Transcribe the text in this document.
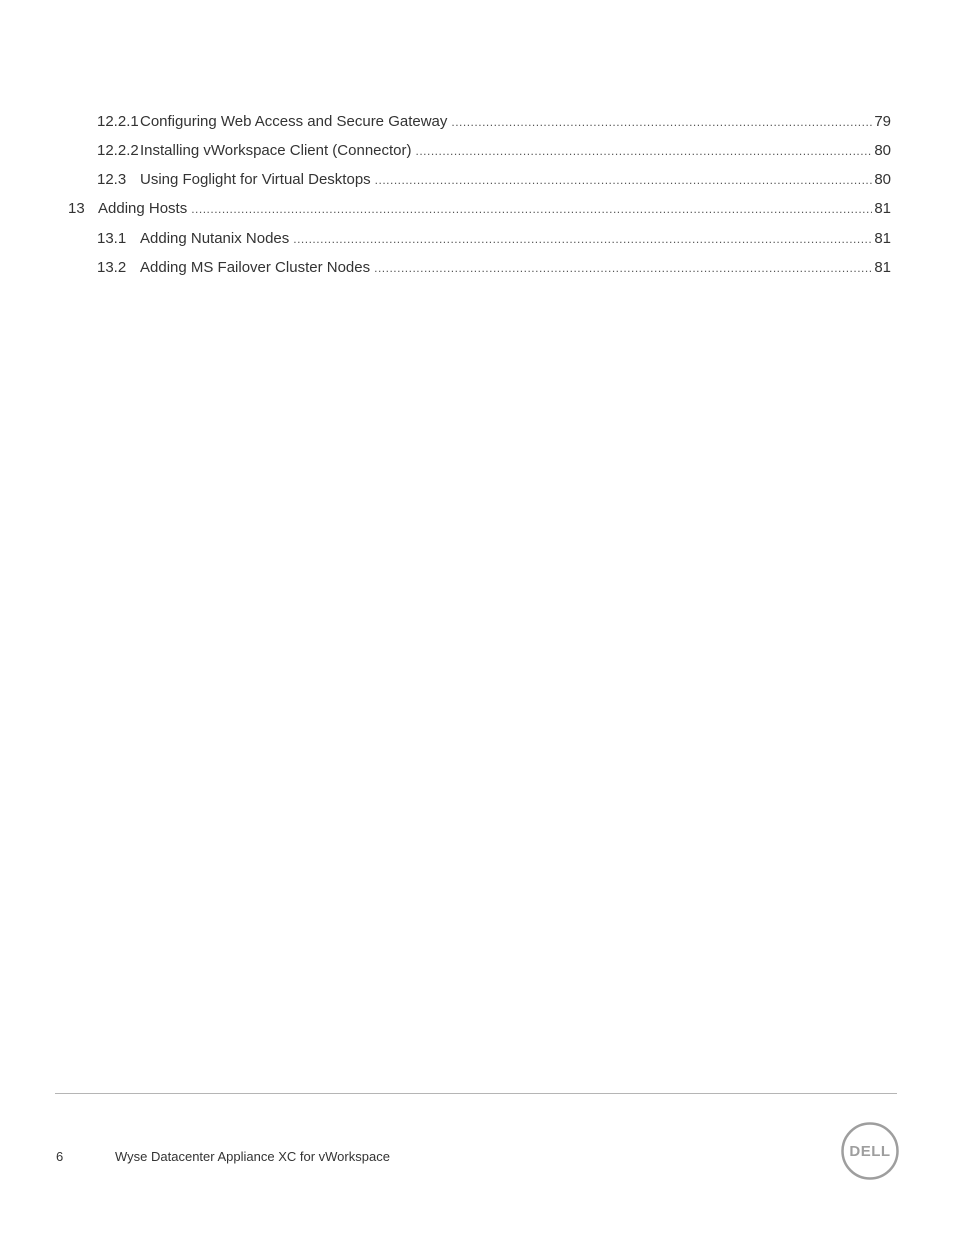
12.2.1 Configuring Web Access and Secure Gateway .....	79
12.2.2 Installing vWorkspace Client (Connector) .....	80
12.3 Using Foglight for Virtual Desktops .....	80
13 Adding Hosts .....	81
13.1 Adding Nutanix Nodes .....	81
13.2 Adding MS Failover Cluster Nodes .....	81
6	Wyse Datacenter Appliance XC for vWorkspace	DELL
